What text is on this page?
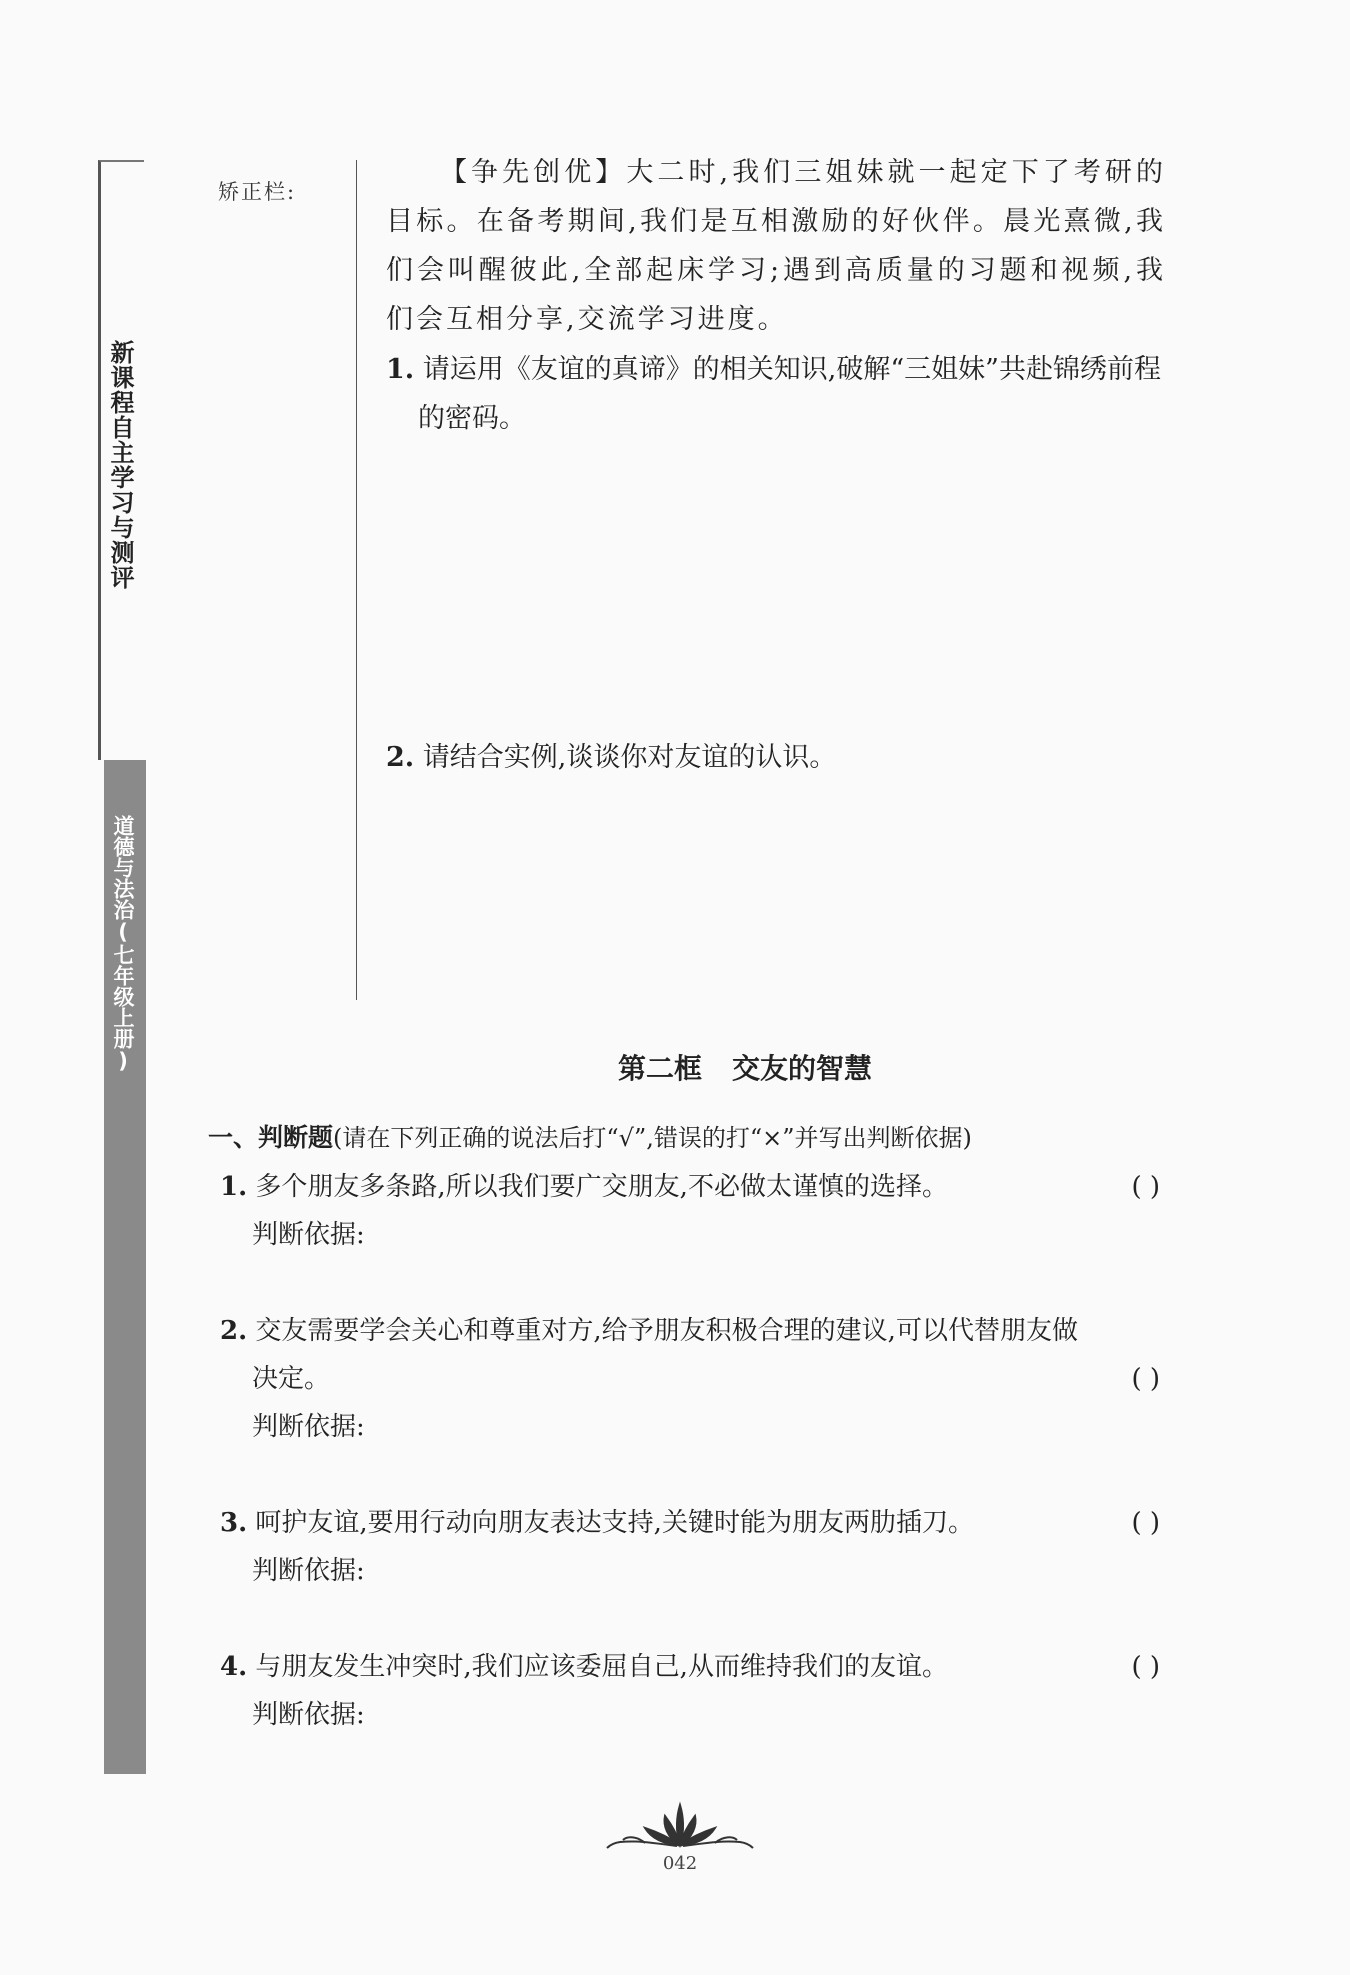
新课程自主学习与测评
道德与法治(七年级上册)
矫正栏:
【争先创优】大二时,我们三姐妹就一起定下了考研的目标。在备考期间,我们是互相激励的好伙伴。晨光熹微,我们会叫醒彼此,全部起床学习;遇到高质量的习题和视频,我们会互相分享,交流学习进度。
1. 请运用《友谊的真谛》的相关知识,破解“三姐妹”共赴锦绣前程
的密码。
2. 请结合实例,谈谈你对友谊的认识。
第二框 交友的智慧
一、判断题(请在下列正确的说法后打“√”,错误的打“×”并写出判断依据)
1. 多个朋友多条路,所以我们要广交朋友,不必做太谨慎的选择。	( )
判断依据:
2. 交友需要学会关心和尊重对方,给予朋友积极合理的建议,可以代替朋友做
决定。	( )
判断依据:
3. 呵护友谊,要用行动向朋友表达支持,关键时能为朋友两肋插刀。	( )
判断依据:
4. 与朋友发生冲突时,我们应该委屈自己,从而维持我们的友谊。	( )
判断依据:
042
